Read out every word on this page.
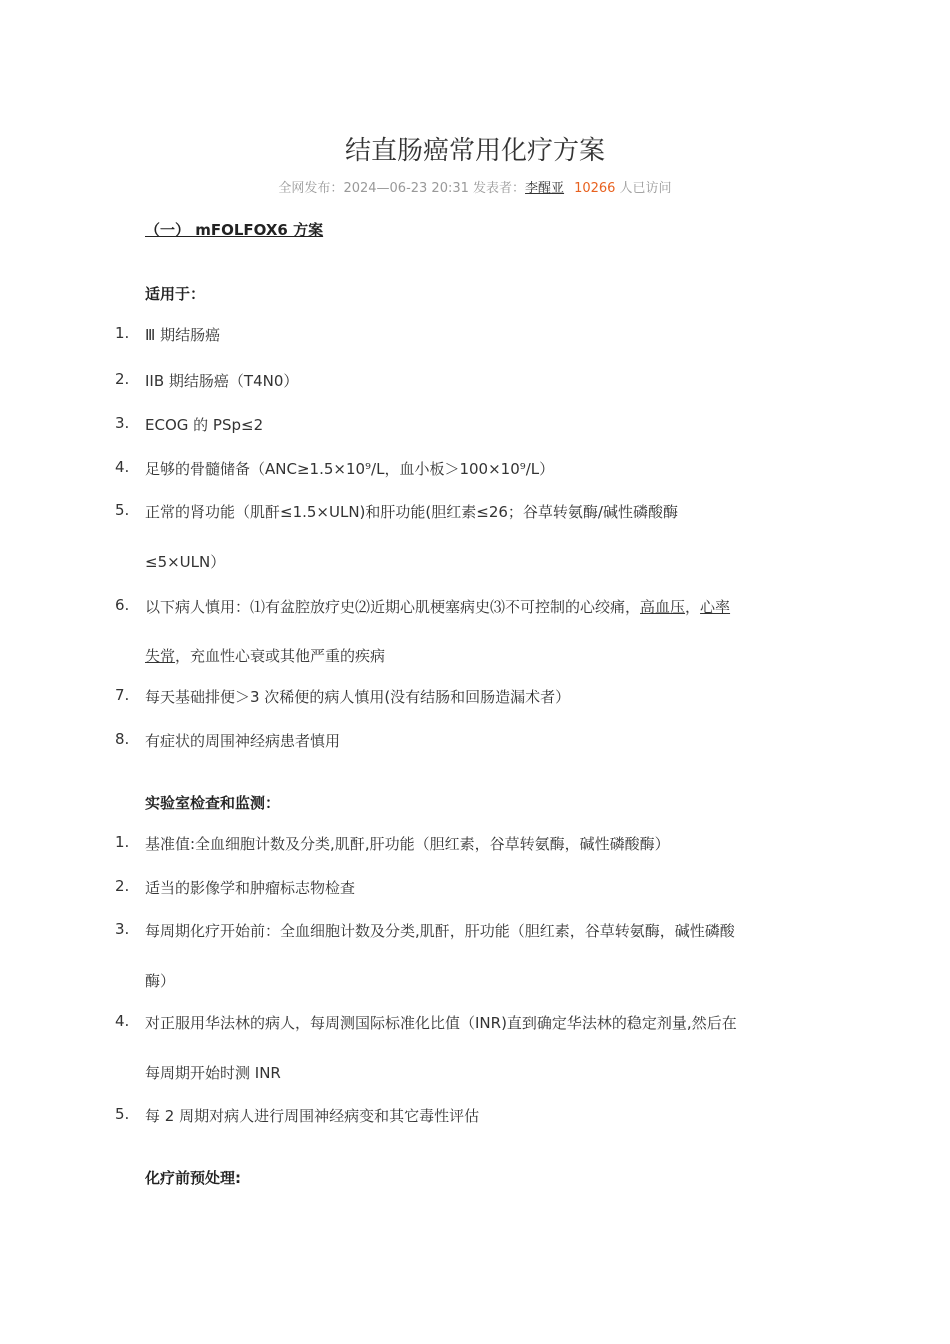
结直肠癌常用化疗方案
全网发布：2024—06-23 20:31 发表者：李醒亚 10266 人已访问
（一） mFOLFOX6 方案
适用于：
1.	Ⅲ 期结肠癌
2.	IIB 期结肠癌（T4N0）
3.	ECOG 的 PSp≤2
4.	足够的骨髓储备（ANC≥1.5×10⁹/L，血小板＞100×10⁹/L）
5.	正常的肾功能（肌酐≤1.5×ULN)和肝功能(胆红素≤26；谷草转氨酶/碱性磷酸酶
≤5×ULN）
6.	以下病人慎用：⑴有盆腔放疗史⑵近期心肌梗塞病史⑶不可控制的心绞痛，高血压，心率
失常，充血性心衰或其他严重的疾病
7.	每天基础排便＞3 次稀便的病人慎用(没有结肠和回肠造漏术者）
8.	有症状的周围神经病患者慎用
实验室检查和监测：
1.	基准值:全血细胞计数及分类,肌酐,肝功能（胆红素，谷草转氨酶，碱性磷酸酶）
2.	适当的影像学和肿瘤标志物检查
3.	每周期化疗开始前：全血细胞计数及分类,肌酐，肝功能（胆红素，谷草转氨酶，碱性磷酸
酶）
4.	对正服用华法林的病人，每周测国际标准化比值（INR)直到确定华法林的稳定剂量,然后在
每周期开始时测 INR
5.	每 2 周期对病人进行周围神经病变和其它毒性评估
化疗前预处理:
